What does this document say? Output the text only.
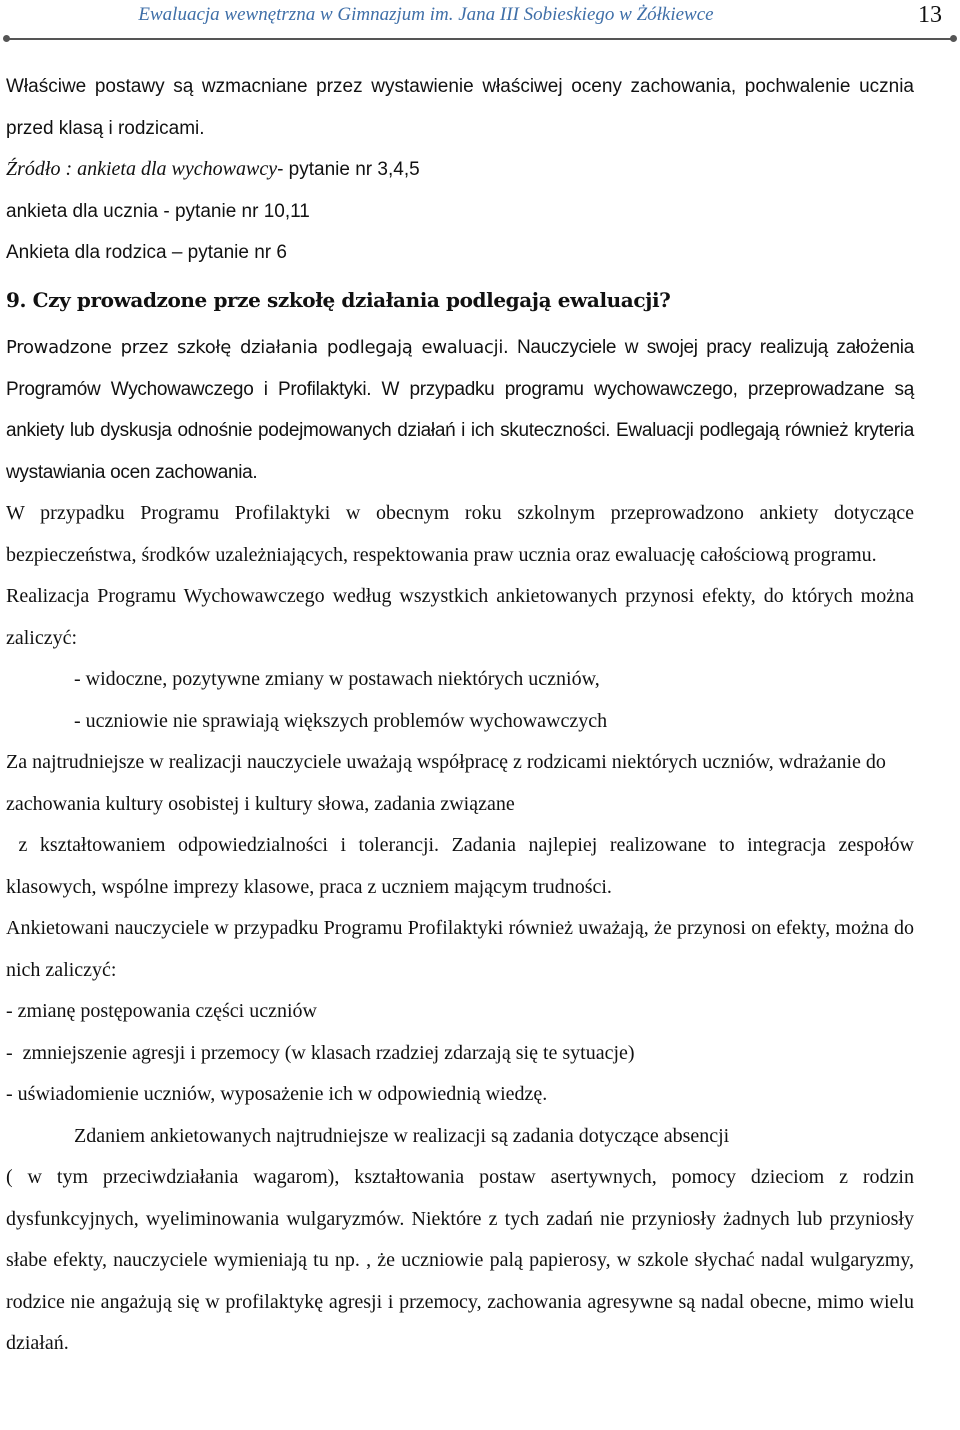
Ewaluacja wewnętrzna w Gimnazjum im. Jana III Sobieskiego w Żółkiewce	13

Właściwe postawy są wzmacniane przez wystawienie właściwej oceny zachowania, pochwalenie ucznia przed klasą i rodzicami.

Źródło : ankieta dla wychowawcy- pytanie nr 3,4,5

ankieta dla ucznia - pytanie nr 10,11

Ankieta dla rodzica – pytanie nr 6

9. Czy prowadzone prze szkołę działania podlegają ewaluacji?

Prowadzone przez szkołę działania podlegają ewaluacji. Nauczyciele w swojej pracy realizują założenia Programów Wychowawczego i Profilaktyki. W przypadku programu wychowawczego, przeprowadzane są ankiety lub dyskusja odnośnie podejmowanych działań i ich skuteczności. Ewaluacji podlegają również kryteria wystawiania ocen zachowania.

W przypadku Programu Profilaktyki w obecnym roku szkolnym przeprowadzono ankiety dotyczące bezpieczeństwa, środków uzależniających, respektowania praw ucznia oraz ewaluację całościową programu.

Realizacja Programu Wychowawczego według wszystkich ankietowanych przynosi efekty, do których można zaliczyć:

- widoczne, pozytywne zmiany w postawach niektórych uczniów,

- uczniowie nie sprawiają większych problemów wychowawczych

Za najtrudniejsze w realizacji nauczyciele uważają współpracę z rodzicami niektórych uczniów, wdrażanie do zachowania kultury osobistej i kultury słowa, zadania związane

z kształtowaniem odpowiedzialności i tolerancji. Zadania najlepiej realizowane to integracja zespołów klasowych, wspólne imprezy klasowe, praca z uczniem mającym trudności.

Ankietowani nauczyciele w przypadku Programu Profilaktyki również uważają, że przynosi on efekty, można do nich zaliczyć:

- zmianę postępowania części uczniów

-  zmniejszenie agresji i przemocy (w klasach rzadziej zdarzają się te sytuacje)

- uświadomienie uczniów, wyposażenie ich w odpowiednią wiedzę.

Zdaniem ankietowanych najtrudniejsze w realizacji są zadania dotyczące absencji

( w tym przeciwdziałania wagarom), kształtowania postaw asertywnych, pomocy dzieciom z rodzin dysfunkcyjnych, wyeliminowania wulgaryzmów. Niektóre z tych zadań nie przyniosły żadnych lub przyniosły słabe efekty, nauczyciele wymieniają tu np. , że uczniowie palą papierosy, w szkole słychać nadal wulgaryzmy, rodzice nie angażują się w profilaktykę agresji i przemocy, zachowania agresywne są nadal obecne, mimo wielu działań.
